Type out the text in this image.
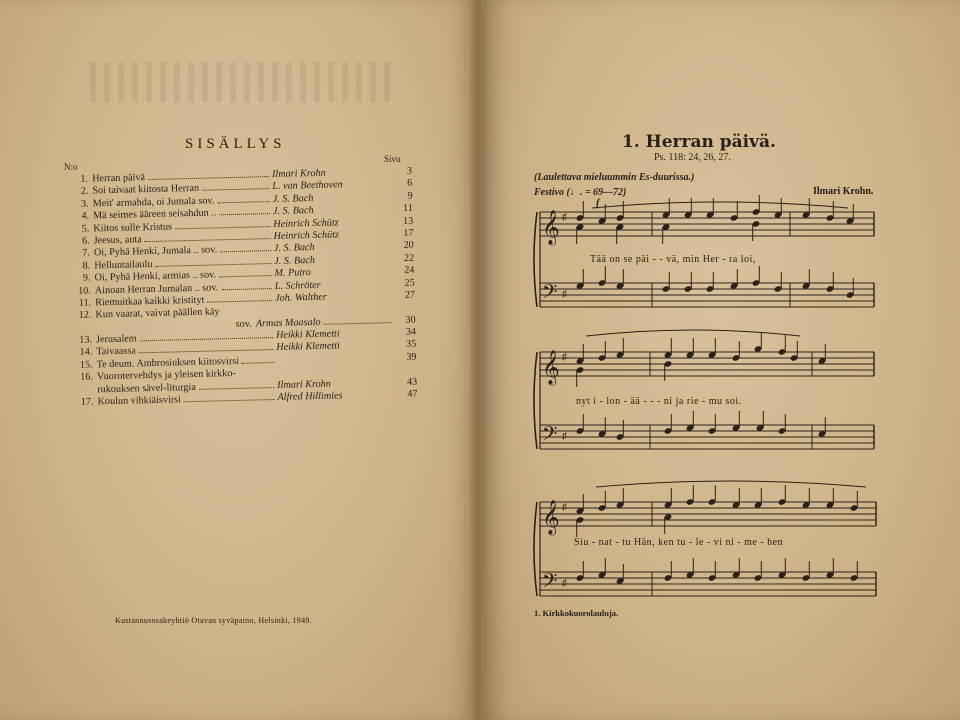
SISÄLLYS
N:o
Sivu
1. Herran päivä	Ilmari Krohn	3
2. Soi taivaat kiitosta Herran	L. van Beethoven	6
3. Meit' armahda, oi Jumala sov.	J. S. Bach	9
4. Mä seimes ääreen seisahdun ..	J. S. Bach	11
5. Kiitos sulle Kristus	Heinrich Schütz	13
6. Jeesus, auta	Heinrich Schütz	17
7. Oi, Pyhä Henki, Jumala .. sov.	J. S. Bach	20
8. Helluntailaulu	J. S. Bach	22
9. Oi, Pyhä Henki, armias .. sov.	M. Putro	24
10. Ainoan Herran Jumalan .. sov.	L. Schröter	25
11. Riemuitkaa kaikki kristityt	Joh. Walther	27
12. Kun vaarat, vaivat päällen käy
sov. Armas Maasalo	30
13. Jerusalem	Heikki Klemetti	34
14. Taivaassa	Heikki Klemetti	35
15. Te deum. Ambrosiuksen kiitosvirsi	39
16. Vuorotervehdys ja yleisen kirkko-
rukouksen sävel-liturgia	Ilmari Krohn	43
17. Koulun vihkiäisvirsi	Alfred Hillimies	47
Kustannusosakeyhtiö Otavan syväpaino, Helsinki, 1949.
1. Herran päivä.
Ps. 118: 24, 26, 27.
(Laulettava mieluummin Es-duurissa.)
Festivo (♩. = 69—72)	Ilmari Krohn.
f
𝄞
𝄢
♯
♯
𝄞
𝄢
♯
♯
𝄞
𝄢
♯
♯
Tää on se päi - - vä, min Her - ra loi,
nyt i - lon - ää - - - ni ja rie - mu soi.
Siu - nat - tu Hän, ken tu - le - vi ni - me - hen
1. Kirkkokuorolauluja.
